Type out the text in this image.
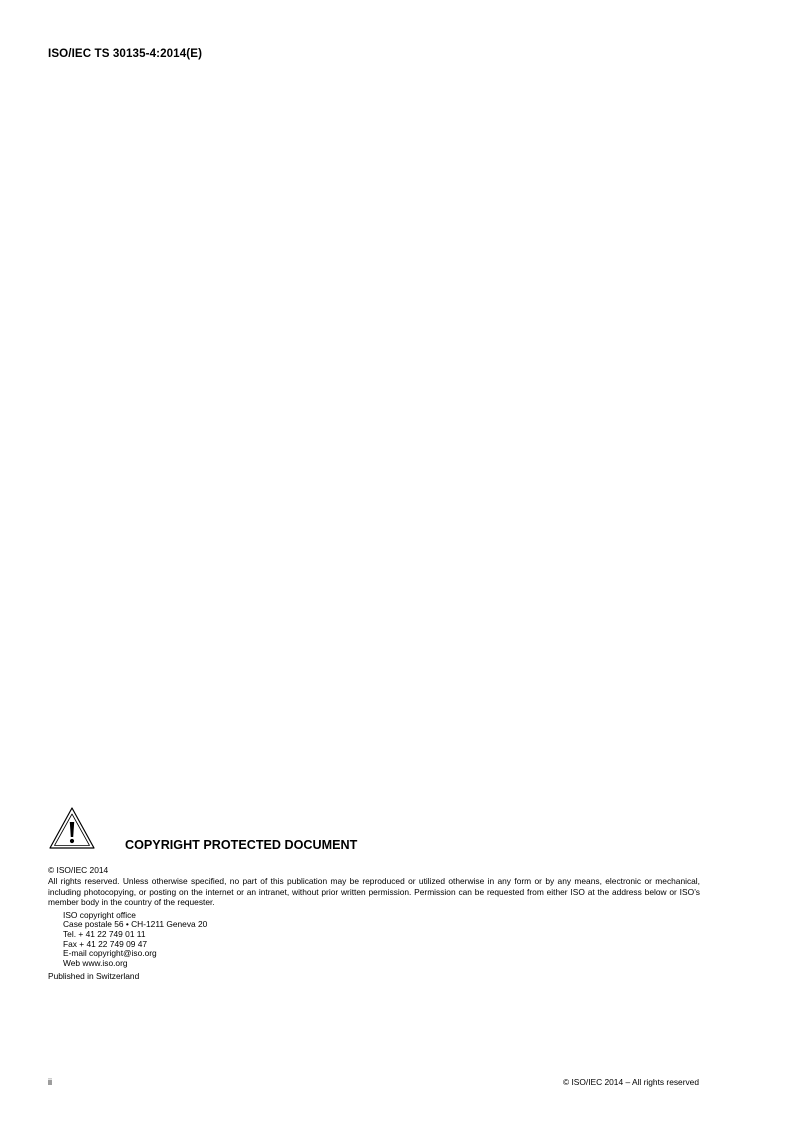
ISO/IEC TS 30135-4:2014(E)
COPYRIGHT PROTECTED DOCUMENT
© ISO/IEC 2014
All rights reserved. Unless otherwise specified, no part of this publication may be reproduced or utilized otherwise in any form or by any means, electronic or mechanical, including photocopying, or posting on the internet or an intranet, without prior written permission. Permission can be requested from either ISO at the address below or ISO’s member body in the country of the requester.
ISO copyright office
Case postale 56 • CH-1211 Geneva 20
Tel. + 41 22 749 01 11
Fax + 41 22 749 09 47
E-mail copyright@iso.org
Web www.iso.org
Published in Switzerland
ii	© ISO/IEC 2014 – All rights reserved
